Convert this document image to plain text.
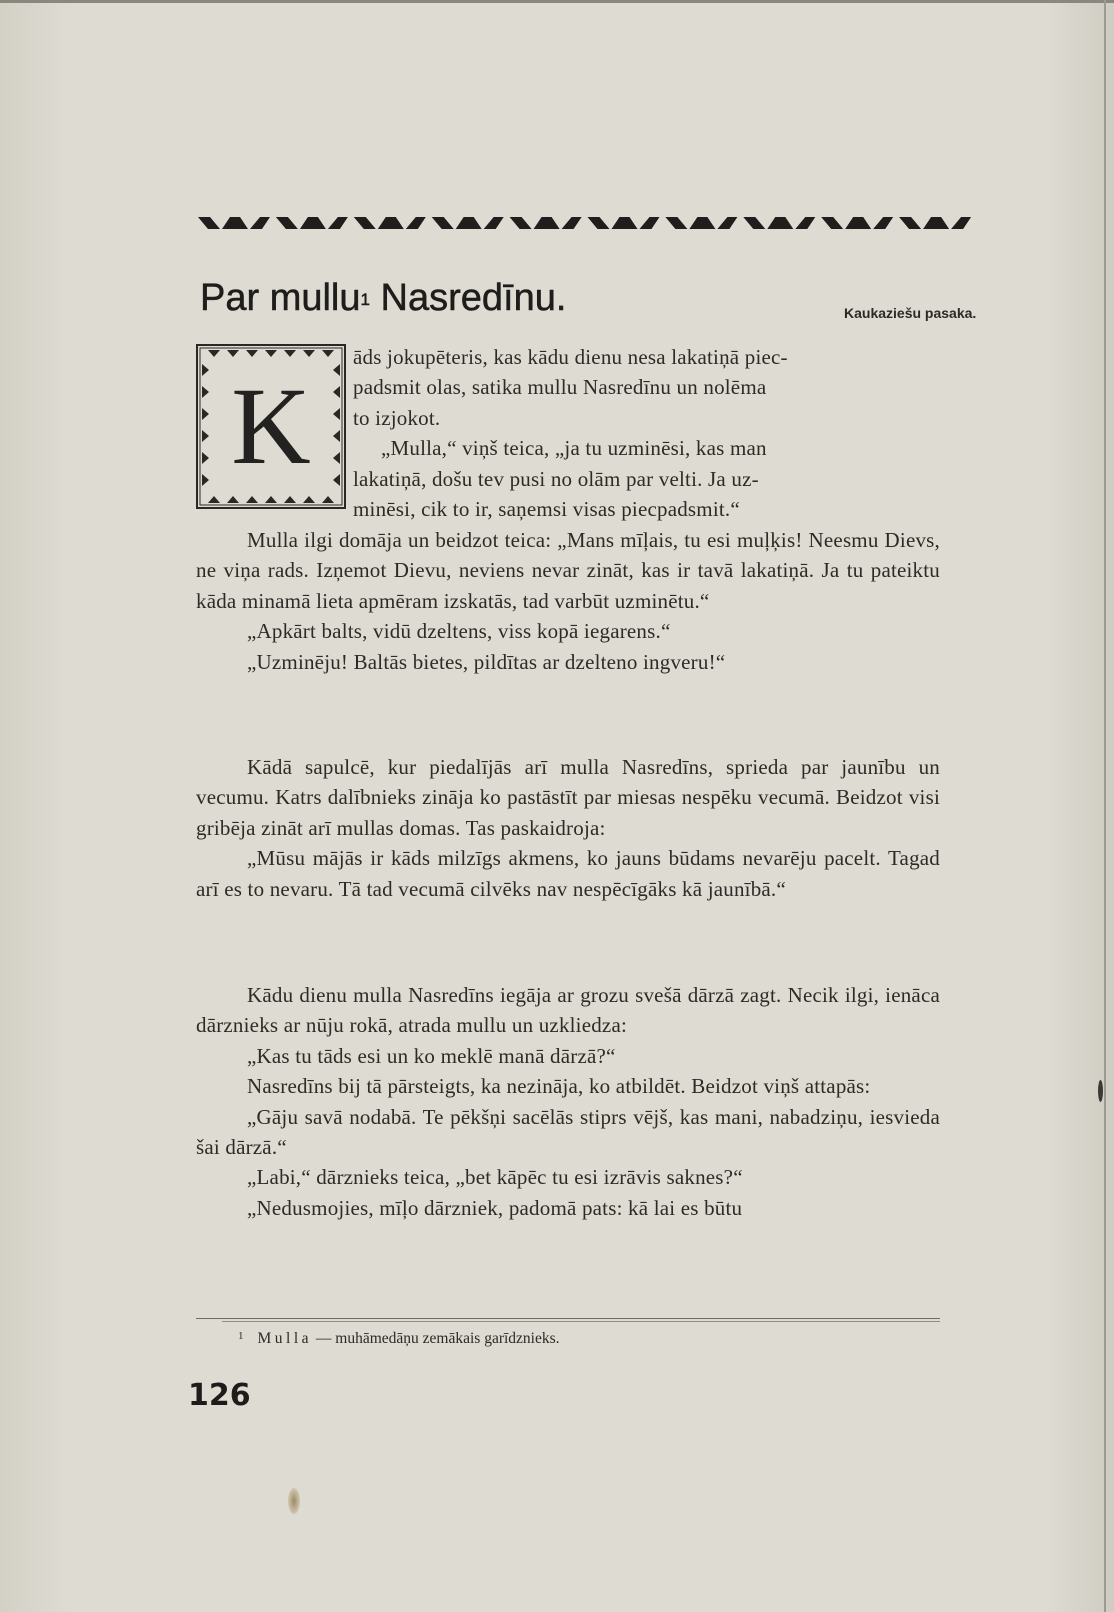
Par mullu$^1$ Nasredīnu.	Kaukaziešu pasaka.
K

āds jokupēteris, kas kādu dienu nesa lakatiņā piec-

padsmit olas, satika mullu Nasredīnu un nolēma

to izjokot.

„Mulla,“ viņš teica, „ja tu uzminēsi, kas man

lakatiņā, došu tev pusi no olām par velti. Ja uz-

minēsi, cik to ir, saņemsi visas piecpadsmit.“

Mulla ilgi domāja un beidzot teica: „Mans mīļais, tu esi muļķis! Neesmu Dievs, ne viņa rads. Izņemot Dievu, neviens nevar zināt, kas ir tavā lakatiņā. Ja tu pateiktu kāda minamā lieta apmēram izskatās, tad varbūt uzminētu.“

„Apkārt balts, vidū dzeltens, viss kopā iegarens.“

„Uzminēju! Baltās bietes, pildītas ar dzelteno ingveru!“

Kādā sapulcē, kur piedalījās arī mulla Nasredīns, sprieda par jaunību un vecumu. Katrs dalībnieks zināja ko pastāstīt par miesas nespēku vecumā. Beidzot visi gribēja zināt arī mullas domas. Tas paskaidroja:

„Mūsu mājās ir kāds milzīgs akmens, ko jauns būdams nevarēju pacelt. Tagad arī es to nevaru. Tā tad vecumā cilvēks nav nespēcīgāks kā jaunībā.“

Kādu dienu mulla Nasredīns iegāja ar grozu svešā dārzā zagt. Necik ilgi, ienāca dārznieks ar nūju rokā, atrada mullu un uzkliedza:

„Kas tu tāds esi un ko meklē manā dārzā?“

Nasredīns bij tā pārsteigts, ka nezināja, ko atbildēt. Beidzot viņš attapās:

„Gāju savā nodabā. Te pēkšņi sacēlās stiprs vējš, kas mani, nabadziņu, iesvieda šai dārzā.“

„Labi,“ dārznieks teica, „bet kāpēc tu esi izrāvis saknes?“

„Nedusmojies, mīļo dārzniek, padomā pats: kā lai es būtu

$^1$ Mulla — muhāmedāņu zemākais garīdznieks.
126
